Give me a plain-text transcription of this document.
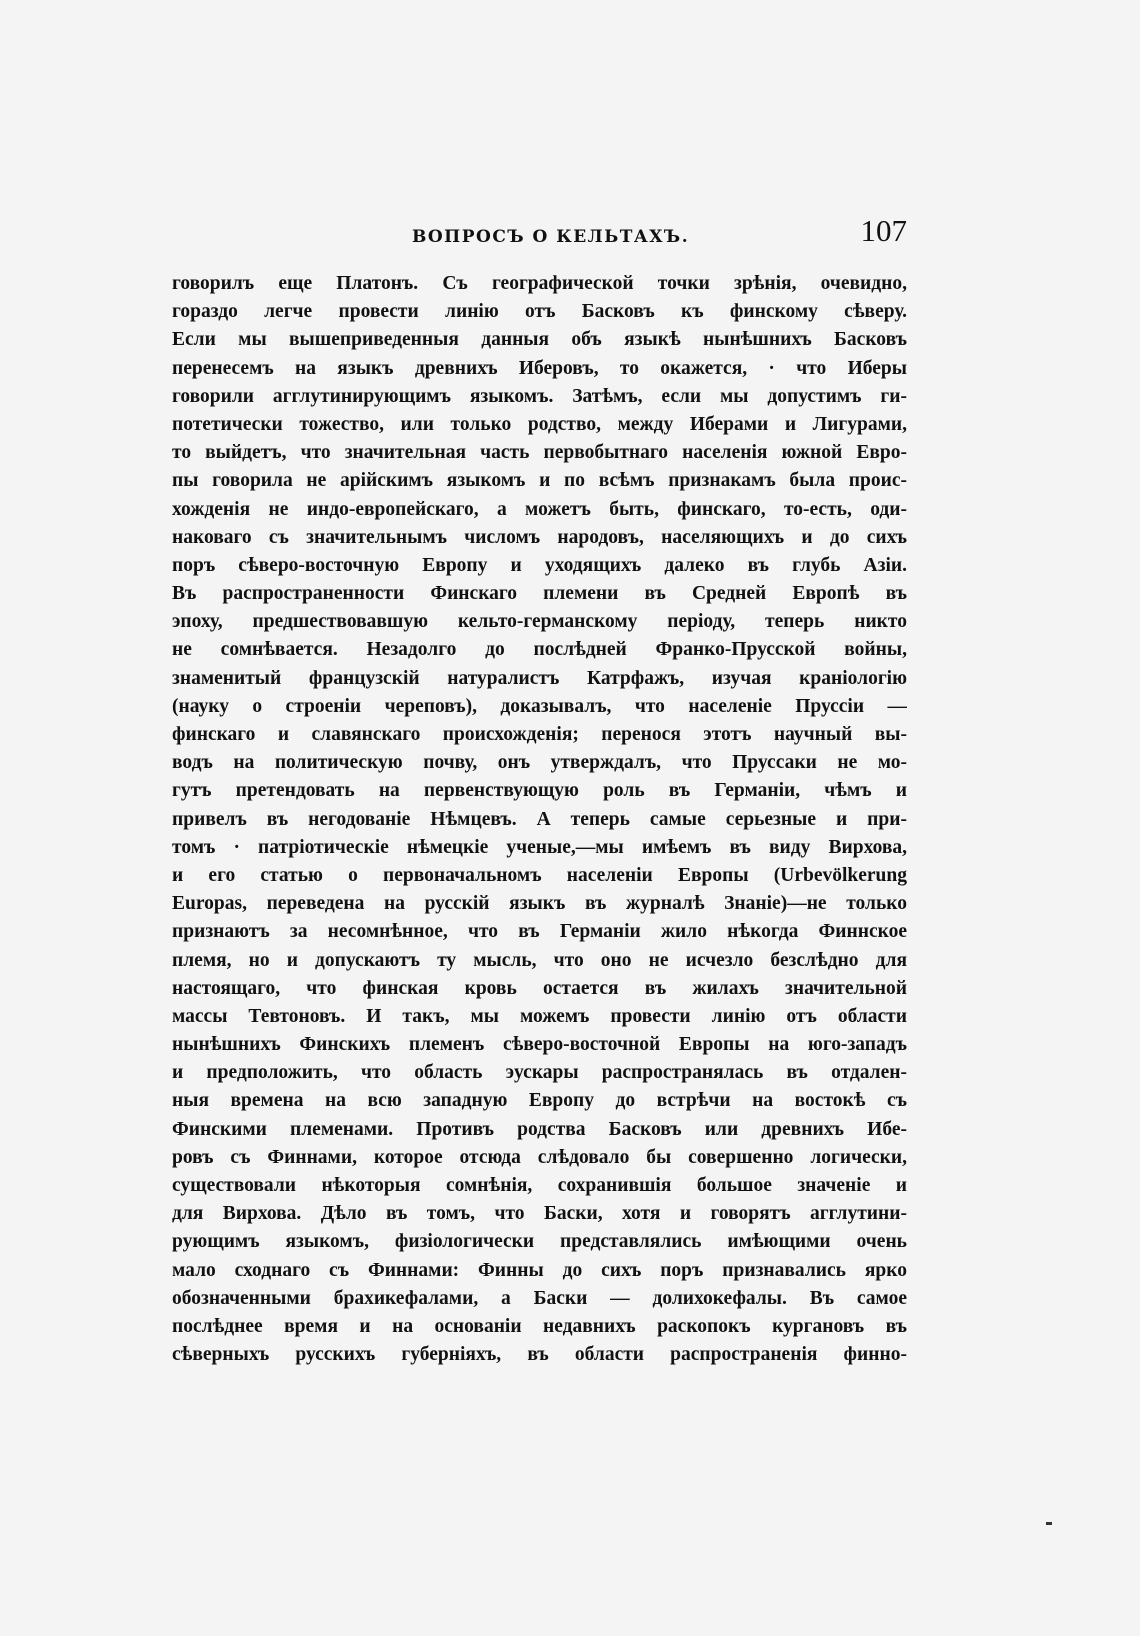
ВОПРОСЪ О КЕЛЬТАХЪ.	107
говорилъ еще Платонъ. Съ географической точки зрѣнія, очевидно,
гораздо легче провести линію отъ Басковъ къ финскому сѣверу.
Если мы вышеприведенныя данныя объ языкѣ нынѣшнихъ Басковъ
перенесемъ на языкъ древнихъ Иберовъ, то окажется, · что Иберы
говорили агглутинирующимъ языкомъ. Затѣмъ, если мы допустимъ ги-
потетически тожество, или только родство, между Иберами и Лигурами,
то выйдетъ, что значительная часть первобытнаго населенія южной Евро-
пы говорила не арійскимъ языкомъ и по всѣмъ признакамъ была проис-
хожденія не индо-европейскаго, а можетъ быть, финскаго, то-есть, оди-
наковаго съ значительнымъ числомъ народовъ, населяющихъ и до сихъ
поръ сѣверо-восточную Европу и уходящихъ далеко въ глубь Азіи.
Въ распространенности Финскаго племени въ Средней Европѣ въ
эпоху, предшествовавшую кельто-германскому періоду, теперь никто
не сомнѣвается. Незадолго до послѣдней Франко-Прусской войны,
знаменитый французскій натуралистъ Катрфажъ, изучая краніологію
(науку о строеніи череповъ), доказывалъ, что населеніе Пруссіи —
финскаго и славянскаго происхожденія; перенося этотъ научный вы-
водъ на политическую почву, онъ утверждалъ, что Пруссаки не мо-
гутъ претендовать на первенствующую роль въ Германіи, чѣмъ и
привелъ въ негодованіе Нѣмцевъ. А теперь самые серьезные и при-
томъ · патріотическіе нѣмецкіе ученые,—мы имѣемъ въ виду Вирхова,
и его статью о первоначальномъ населеніи Европы (Urbevölkerung
Europas, переведена на русскій языкъ въ журналѣ Знаніе)—не только
признаютъ за несомнѣнное, что въ Германіи жило нѣкогда Финнское
племя, но и допускаютъ ту мысль, что оно не исчезло безслѣдно для
настоящаго, что финская кровь остается въ жилахъ значительной
массы Тевтоновъ. И такъ, мы можемъ провести линію отъ области
нынѣшнихъ Финскихъ племенъ сѣверо-восточной Европы на юго-западъ
и предположить, что область эускары распространялась въ отдален-
ныя времена на всю западную Европу до встрѣчи на востокѣ съ
Финскими племенами. Противъ родства Басковъ или древнихъ Ибе-
ровъ съ Финнами, которое отсюда слѣдовало бы совершенно логически,
существовали нѣкоторыя сомнѣнія, сохранившія большое значеніе и
для Вирхова. Дѣло въ томъ, что Баски, хотя и говорятъ агглутини-
рующимъ языкомъ, физіологически представлялись имѣющими очень
мало сходнаго съ Финнами: Финны до сихъ поръ признавались ярко
обозначенными брахикефалами, а Баски — долихокефалы. Въ самое
послѣднее время и на основаніи недавнихъ раскопокъ кургановъ въ
сѣверныхъ русскихъ губерніяхъ, въ области распространенія финно-
